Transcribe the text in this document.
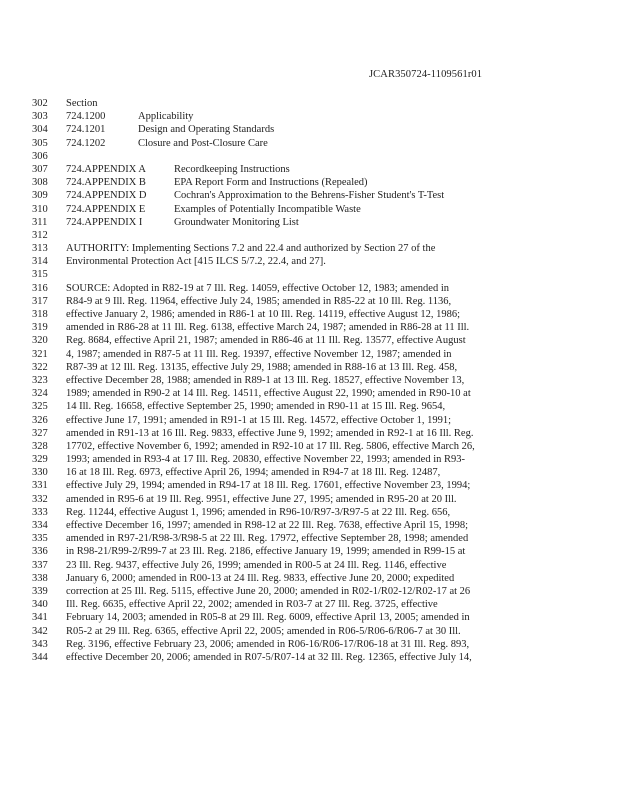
JCAR350724-1109561r01
302	Section
303	724.1200	Applicability
304	724.1201	Design and Operating Standards
305	724.1202	Closure and Post-Closure Care
306
307	724.APPENDIX A	Recordkeeping Instructions
308	724.APPENDIX B	EPA Report Form and Instructions (Repealed)
309	724.APPENDIX D	Cochran's Approximation to the Behrens-Fisher Student's T-Test
310	724.APPENDIX E	Examples of Potentially Incompatible Waste
311	724.APPENDIX I	Groundwater Monitoring List
312
313	AUTHORITY: Implementing Sections 7.2 and 22.4 and authorized by Section 27 of the
314	Environmental Protection Act [415 ILCS 5/7.2, 22.4, and 27].
315
316	SOURCE: Adopted in R82-19 at 7 Ill. Reg. 14059, effective October 12, 1983; amended in
317	R84-9 at 9 Ill. Reg. 11964, effective July 24, 1985; amended in R85-22 at 10 Ill. Reg. 1136,
318	effective January 2, 1986; amended in R86-1 at 10 Ill. Reg. 14119, effective August 12, 1986;
319	amended in R86-28 at 11 Ill. Reg. 6138, effective March 24, 1987; amended in R86-28 at 11 Ill.
320	Reg. 8684, effective April 21, 1987; amended in R86-46 at 11 Ill. Reg. 13577, effective August
321	4, 1987; amended in R87-5 at 11 Ill. Reg. 19397, effective November 12, 1987; amended in
322	R87-39 at 12 Ill. Reg. 13135, effective July 29, 1988; amended in R88-16 at 13 Ill. Reg. 458,
323	effective December 28, 1988; amended in R89-1 at 13 Ill. Reg. 18527, effective November 13,
324	1989; amended in R90-2 at 14 Ill. Reg. 14511, effective August 22, 1990; amended in R90-10 at
325	14 Ill. Reg. 16658, effective September 25, 1990; amended in R90-11 at 15 Ill. Reg. 9654,
326	effective June 17, 1991; amended in R91-1 at 15 Ill. Reg. 14572, effective October 1, 1991;
327	amended in R91-13 at 16 Ill. Reg. 9833, effective June 9, 1992; amended in R92-1 at 16 Ill. Reg.
328	17702, effective November 6, 1992; amended in R92-10 at 17 Ill. Reg. 5806, effective March 26,
329	1993; amended in R93-4 at 17 Ill. Reg. 20830, effective November 22, 1993; amended in R93-
330	16 at 18 Ill. Reg. 6973, effective April 26, 1994; amended in R94-7 at 18 Ill. Reg. 12487,
331	effective July 29, 1994; amended in R94-17 at 18 Ill. Reg. 17601, effective November 23, 1994;
332	amended in R95-6 at 19 Ill. Reg. 9951, effective June 27, 1995; amended in R95-20 at 20 Ill.
333	Reg. 11244, effective August 1, 1996; amended in R96-10/R97-3/R97-5 at 22 Ill. Reg. 656,
334	effective December 16, 1997; amended in R98-12 at 22 Ill. Reg. 7638, effective April 15, 1998;
335	amended in R97-21/R98-3/R98-5 at 22 Ill. Reg. 17972, effective September 28, 1998; amended
336	in R98-21/R99-2/R99-7 at 23 Ill. Reg. 2186, effective January 19, 1999; amended in R99-15 at
337	23 Ill. Reg. 9437, effective July 26, 1999; amended in R00-5 at 24 Ill. Reg. 1146, effective
338	January 6, 2000; amended in R00-13 at 24 Ill. Reg. 9833, effective June 20, 2000; expedited
339	correction at 25 Ill. Reg. 5115, effective June 20, 2000; amended in R02-1/R02-12/R02-17 at 26
340	Ill. Reg. 6635, effective April 22, 2002; amended in R03-7 at 27 Ill. Reg. 3725, effective
341	February 14, 2003; amended in R05-8 at 29 Ill. Reg. 6009, effective April 13, 2005; amended in
342	R05-2 at 29 Ill. Reg. 6365, effective April 22, 2005; amended in R06-5/R06-6/R06-7 at 30 Ill.
343	Reg. 3196, effective February 23, 2006; amended in R06-16/R06-17/R06-18 at 31 Ill. Reg. 893,
344	effective December 20, 2006; amended in R07-5/R07-14 at 32 Ill. Reg. 12365, effective July 14,
